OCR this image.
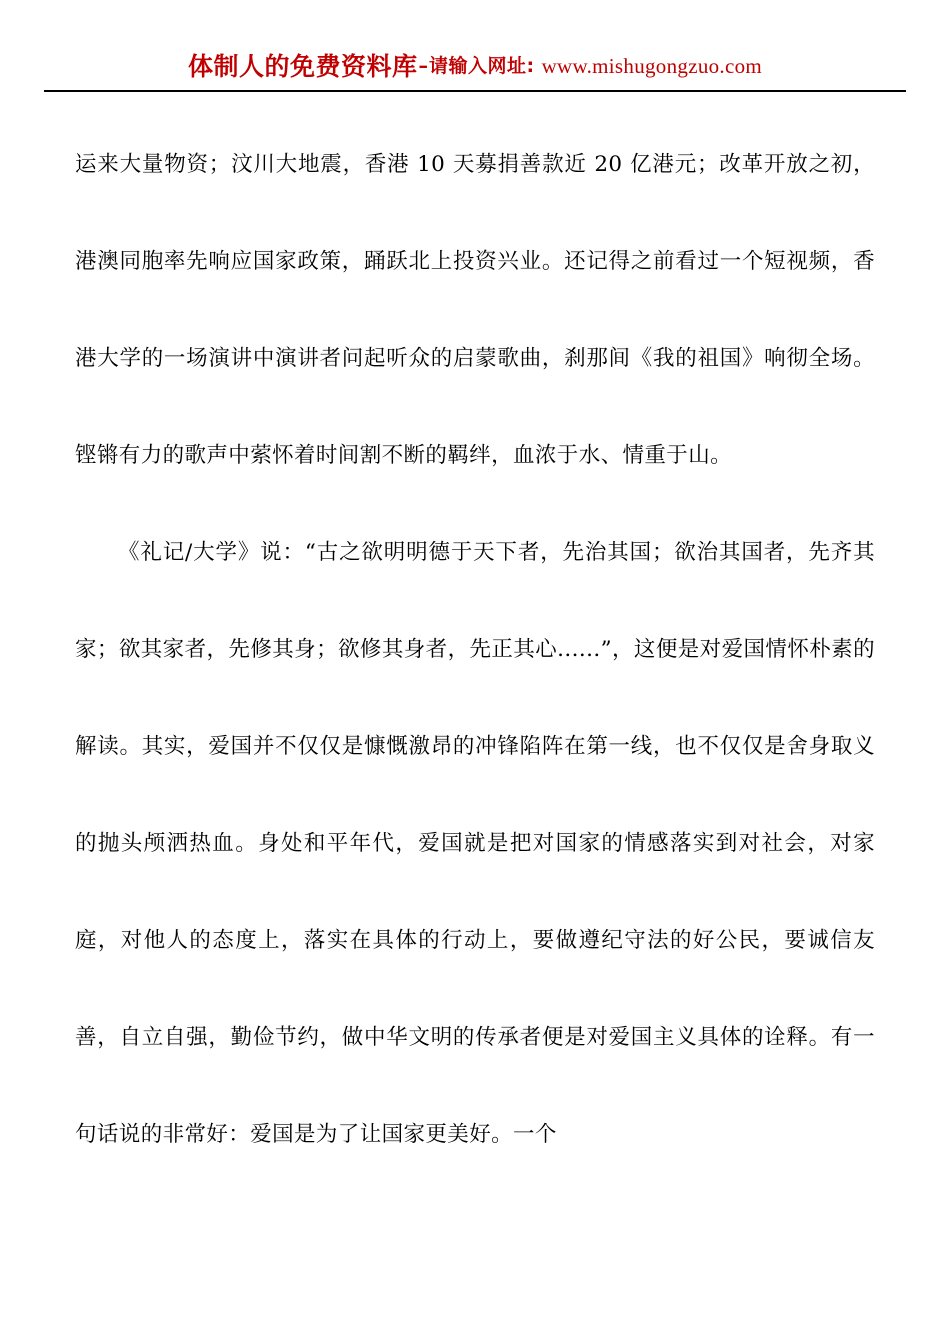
体制人的免费资料库–请输入网址: www.mishugongzuo.com

运来大量物资；汶川大地震，香港 10 天募捐善款近 20 亿港元；改革开放之初，港澳同胞率先响应国家政策，踊跃北上投资兴业。还记得之前看过一个短视频，香港大学的一场演讲中演讲者问起听众的启蒙歌曲，刹那间《我的祖国》响彻全场。铿锵有力的歌声中萦怀着时间割不断的羁绊，血浓于水、情重于山。

《礼记/大学》说：“古之欲明明德于天下者，先治其国；欲治其国者，先齐其家；欲其家者，先修其身；欲修其身者，先正其心......”，这便是对爱国情怀朴素的解读。其实，爱国并不仅仅是慷慨激昂的冲锋陷阵在第一线，也不仅仅是舍身取义的抛头颅洒热血。身处和平年代，爱国就是把对国家的情感落实到对社会，对家庭，对他人的态度上，落实在具体的行动上，要做遵纪守法的好公民，要诚信友善，自立自强，勤俭节约，做中华文明的传承者便是对爱国主义具体的诠释。有一句话说的非常好：爱国是为了让国家更美好。一个
